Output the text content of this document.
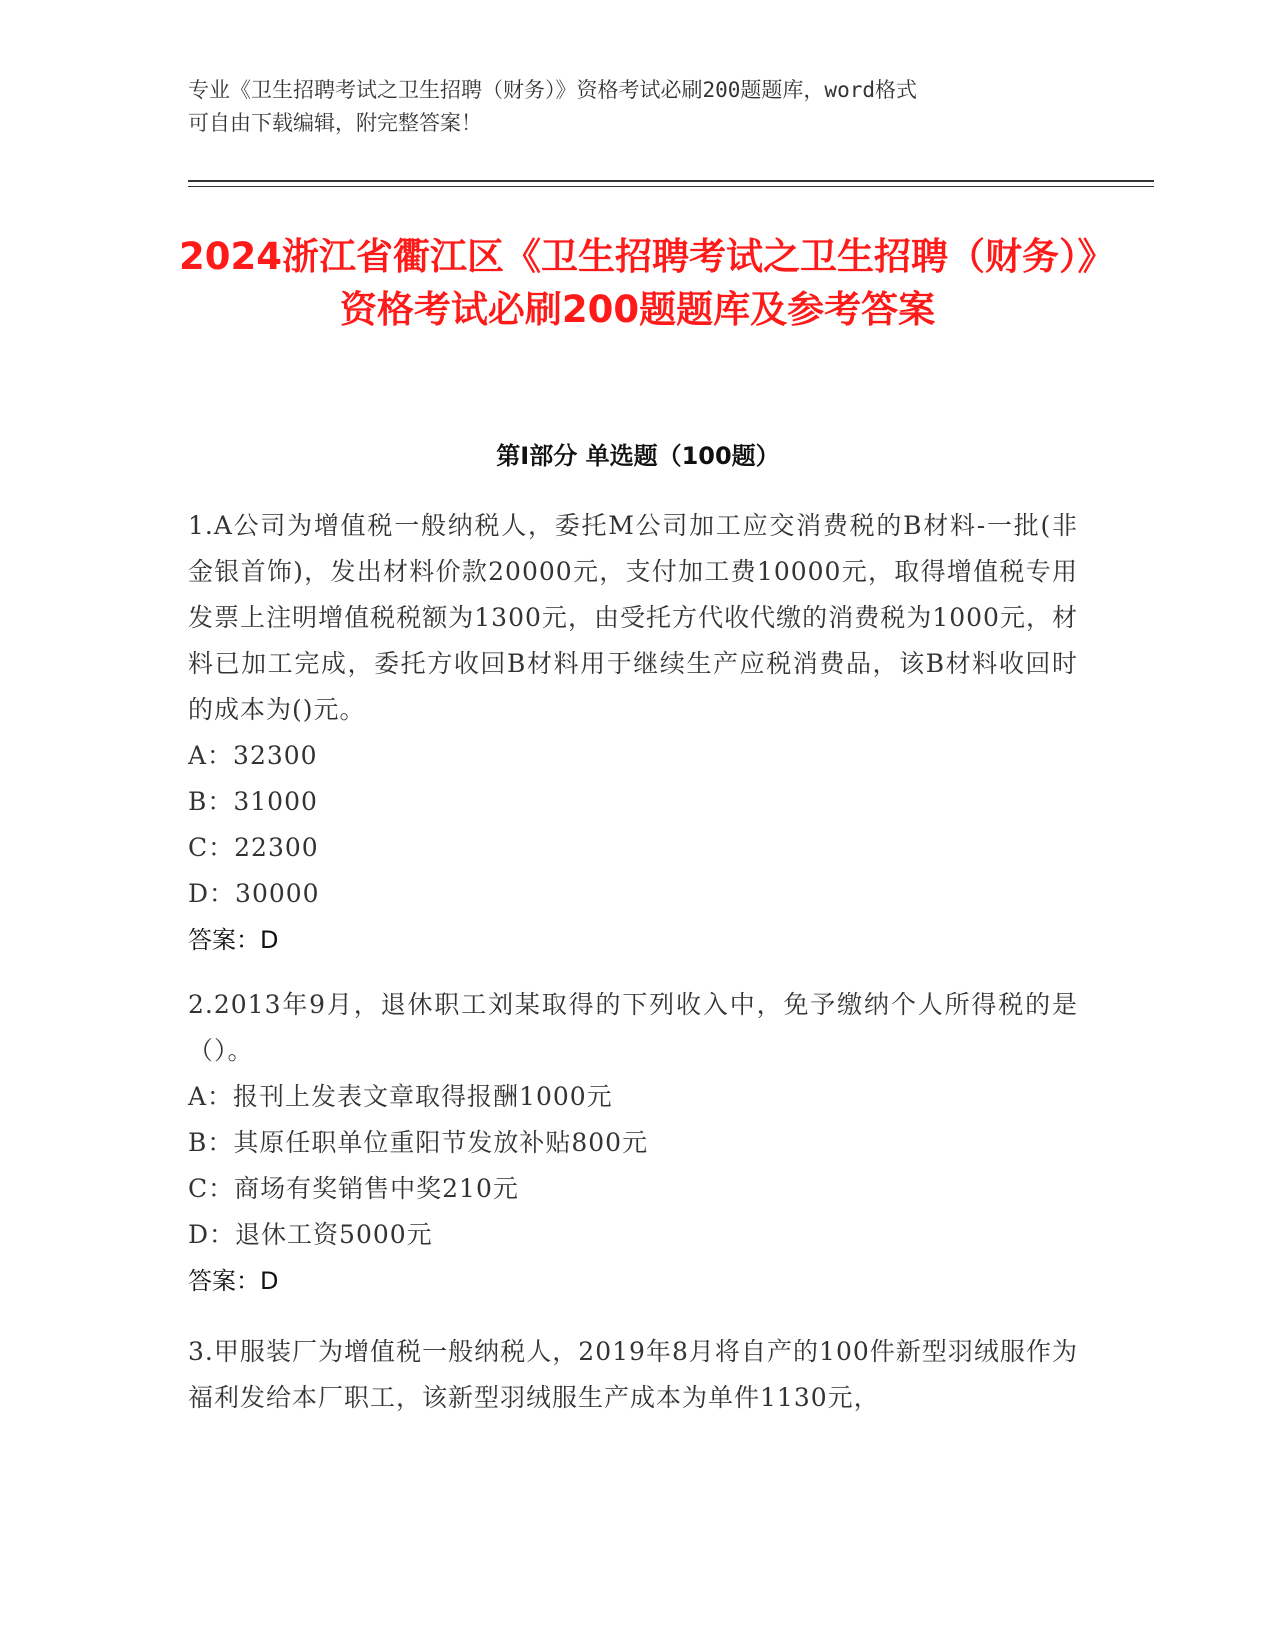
专业《卫生招聘考试之卫生招聘（财务）》资格考试必刷200题题库，word格式
可自由下载编辑，附完整答案！
2024浙江省衢江区《卫生招聘考试之卫生招聘（财务）》资格考试必刷200题题库及参考答案
第I部分 单选题（100题）

1.A公司为增值税一般纳税人，委托M公司加工应交消费税的B材料-一批(非金银首饰)，发出材料价款20000元，支付加工费10000元，取得增值税专用发票上注明增值税税额为1300元，由受托方代收代缴的消费税为1000元，材料已加工完成，委托方收回B材料用于继续生产应税消费品，该B材料收回时的成本为()元。

A：32300

B：31000

C：22300

D：30000

答案：D

2.2013年9月，退休职工刘某取得的下列收入中，免予缴纳个人所得税的是（）。

A：报刊上发表文章取得报酬1000元

B：其原任职单位重阳节发放补贴800元

C：商场有奖销售中奖210元

D：退休工资5000元

答案：D

3.甲服装厂为增值税一般纳税人，2019年8月将自产的100件新型羽绒服作为福利发给本厂职工，该新型羽绒服生产成本为单件1130元，
